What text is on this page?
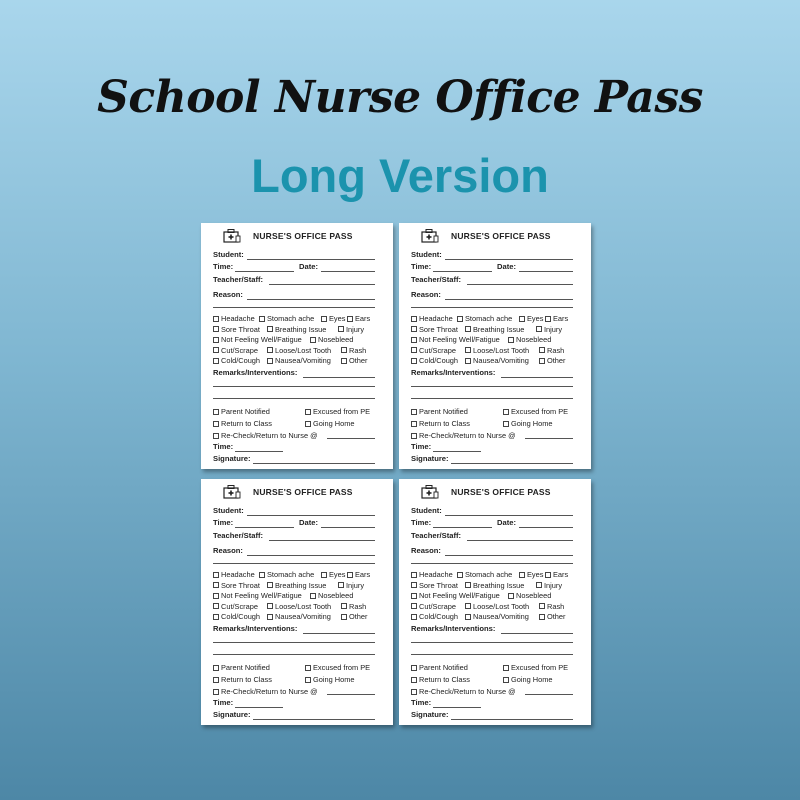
School Nurse Office Pass
Long Version
NURSE'S OFFICE PASS
Student:
Time:	Date:
Teacher/Staff:
Reason:
Headache Stomach ache Eyes Ears
Sore Throat Breathing Issue	Injury
Not Feeling Well/Fatigue Nosebleed
Cut/Scrape Loose/Lost Tooth Rash
Cold/Cough Nausea/Vomiting Other
Remarks/Interventions:
Parent Notified	Excused from PE
Return to Class	Going Home
Re-Check/Return to Nurse @
Time:
Signature:
NURSE'S OFFICE PASS
Student:
Time:	Date:
Teacher/Staff:
Reason:
Headache Stomach ache Eyes Ears
Sore Throat Breathing Issue	Injury
Not Feeling Well/Fatigue Nosebleed
Cut/Scrape Loose/Lost Tooth Rash
Cold/Cough Nausea/Vomiting Other
Remarks/Interventions:
Parent Notified	Excused from PE
Return to Class	Going Home
Re-Check/Return to Nurse @
Time:
Signature:
NURSE'S OFFICE PASS
Student:
Time:	Date:
Teacher/Staff:
Reason:
Headache Stomach ache Eyes Ears
Sore Throat Breathing Issue	Injury
Not Feeling Well/Fatigue Nosebleed
Cut/Scrape Loose/Lost Tooth Rash
Cold/Cough Nausea/Vomiting Other
Remarks/Interventions:
Parent Notified	Excused from PE
Return to Class	Going Home
Re-Check/Return to Nurse @
Time:
Signature:
NURSE'S OFFICE PASS
Student:
Time:	Date:
Teacher/Staff:
Reason:
Headache Stomach ache Eyes Ears
Sore Throat Breathing Issue	Injury
Not Feeling Well/Fatigue Nosebleed
Cut/Scrape Loose/Lost Tooth Rash
Cold/Cough Nausea/Vomiting Other
Remarks/Interventions:
Parent Notified	Excused from PE
Return to Class	Going Home
Re-Check/Return to Nurse @
Time:
Signature:
